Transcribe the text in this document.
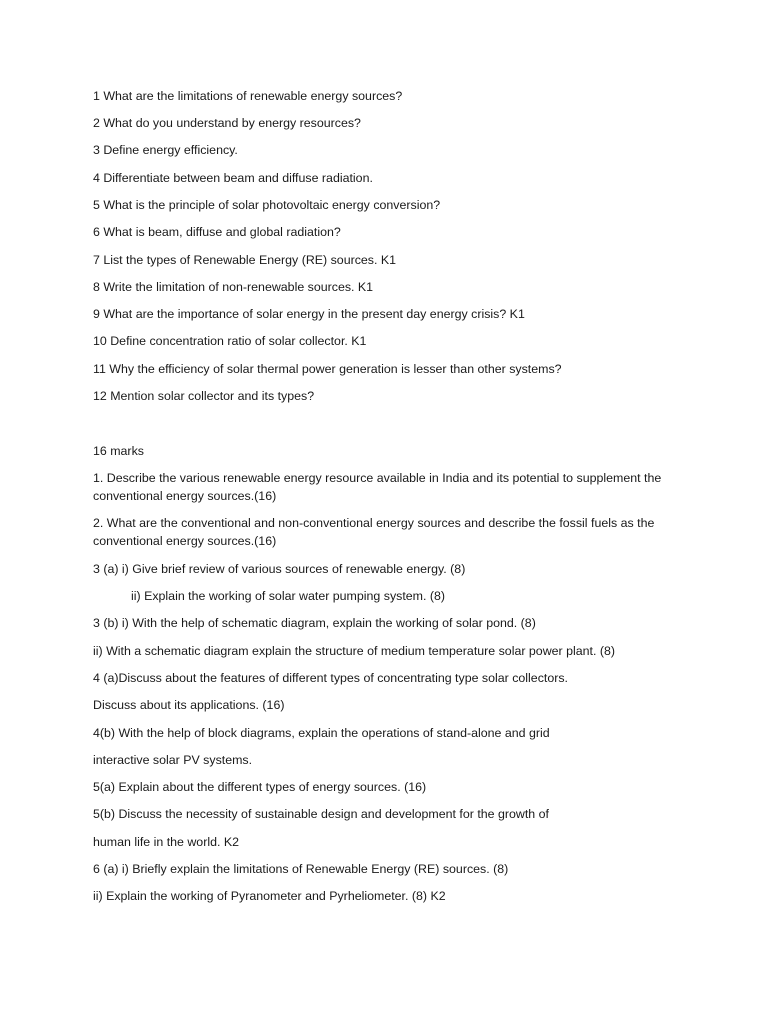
1 What are the limitations of renewable energy sources?

2 What do you understand by energy resources?

3 Define energy efficiency.

4 Differentiate between beam and diffuse radiation.

5 What is the principle of solar photovoltaic energy conversion?

6 What is beam, diffuse and global radiation?

7 List the types of Renewable Energy (RE) sources. K1

8 Write the limitation of non-renewable sources. K1

9 What are the importance of solar energy in the present day energy crisis? K1

10 Define concentration ratio of solar collector. K1

11 Why the efficiency of solar thermal power generation is lesser than other systems?

12 Mention solar collector and its types?

16 marks

1. Describe the various renewable energy resource available in India and its potential to supplement the conventional energy sources.(16)

2. What are the conventional and non-conventional energy sources and describe the fossil fuels as the conventional energy sources.(16)

3 (a) i) Give brief review of various sources of renewable energy. (8)

ii) Explain the working of solar water pumping system. (8)

3 (b) i) With the help of schematic diagram, explain the working of solar pond. (8)

ii) With a schematic diagram explain the structure of medium temperature solar power plant. (8)

4 (a)Discuss about the features of different types of concentrating type solar collectors.

Discuss about its applications. (16)

4(b) With the help of block diagrams, explain the operations of stand-alone and grid

interactive solar PV systems.

5(a) Explain about the different types of energy sources. (16)

5(b) Discuss the necessity of sustainable design and development for the growth of

human life in the world. K2

6 (a) i) Briefly explain the limitations of Renewable Energy (RE) sources. (8)

ii) Explain the working of Pyranometer and Pyrheliometer. (8) K2
